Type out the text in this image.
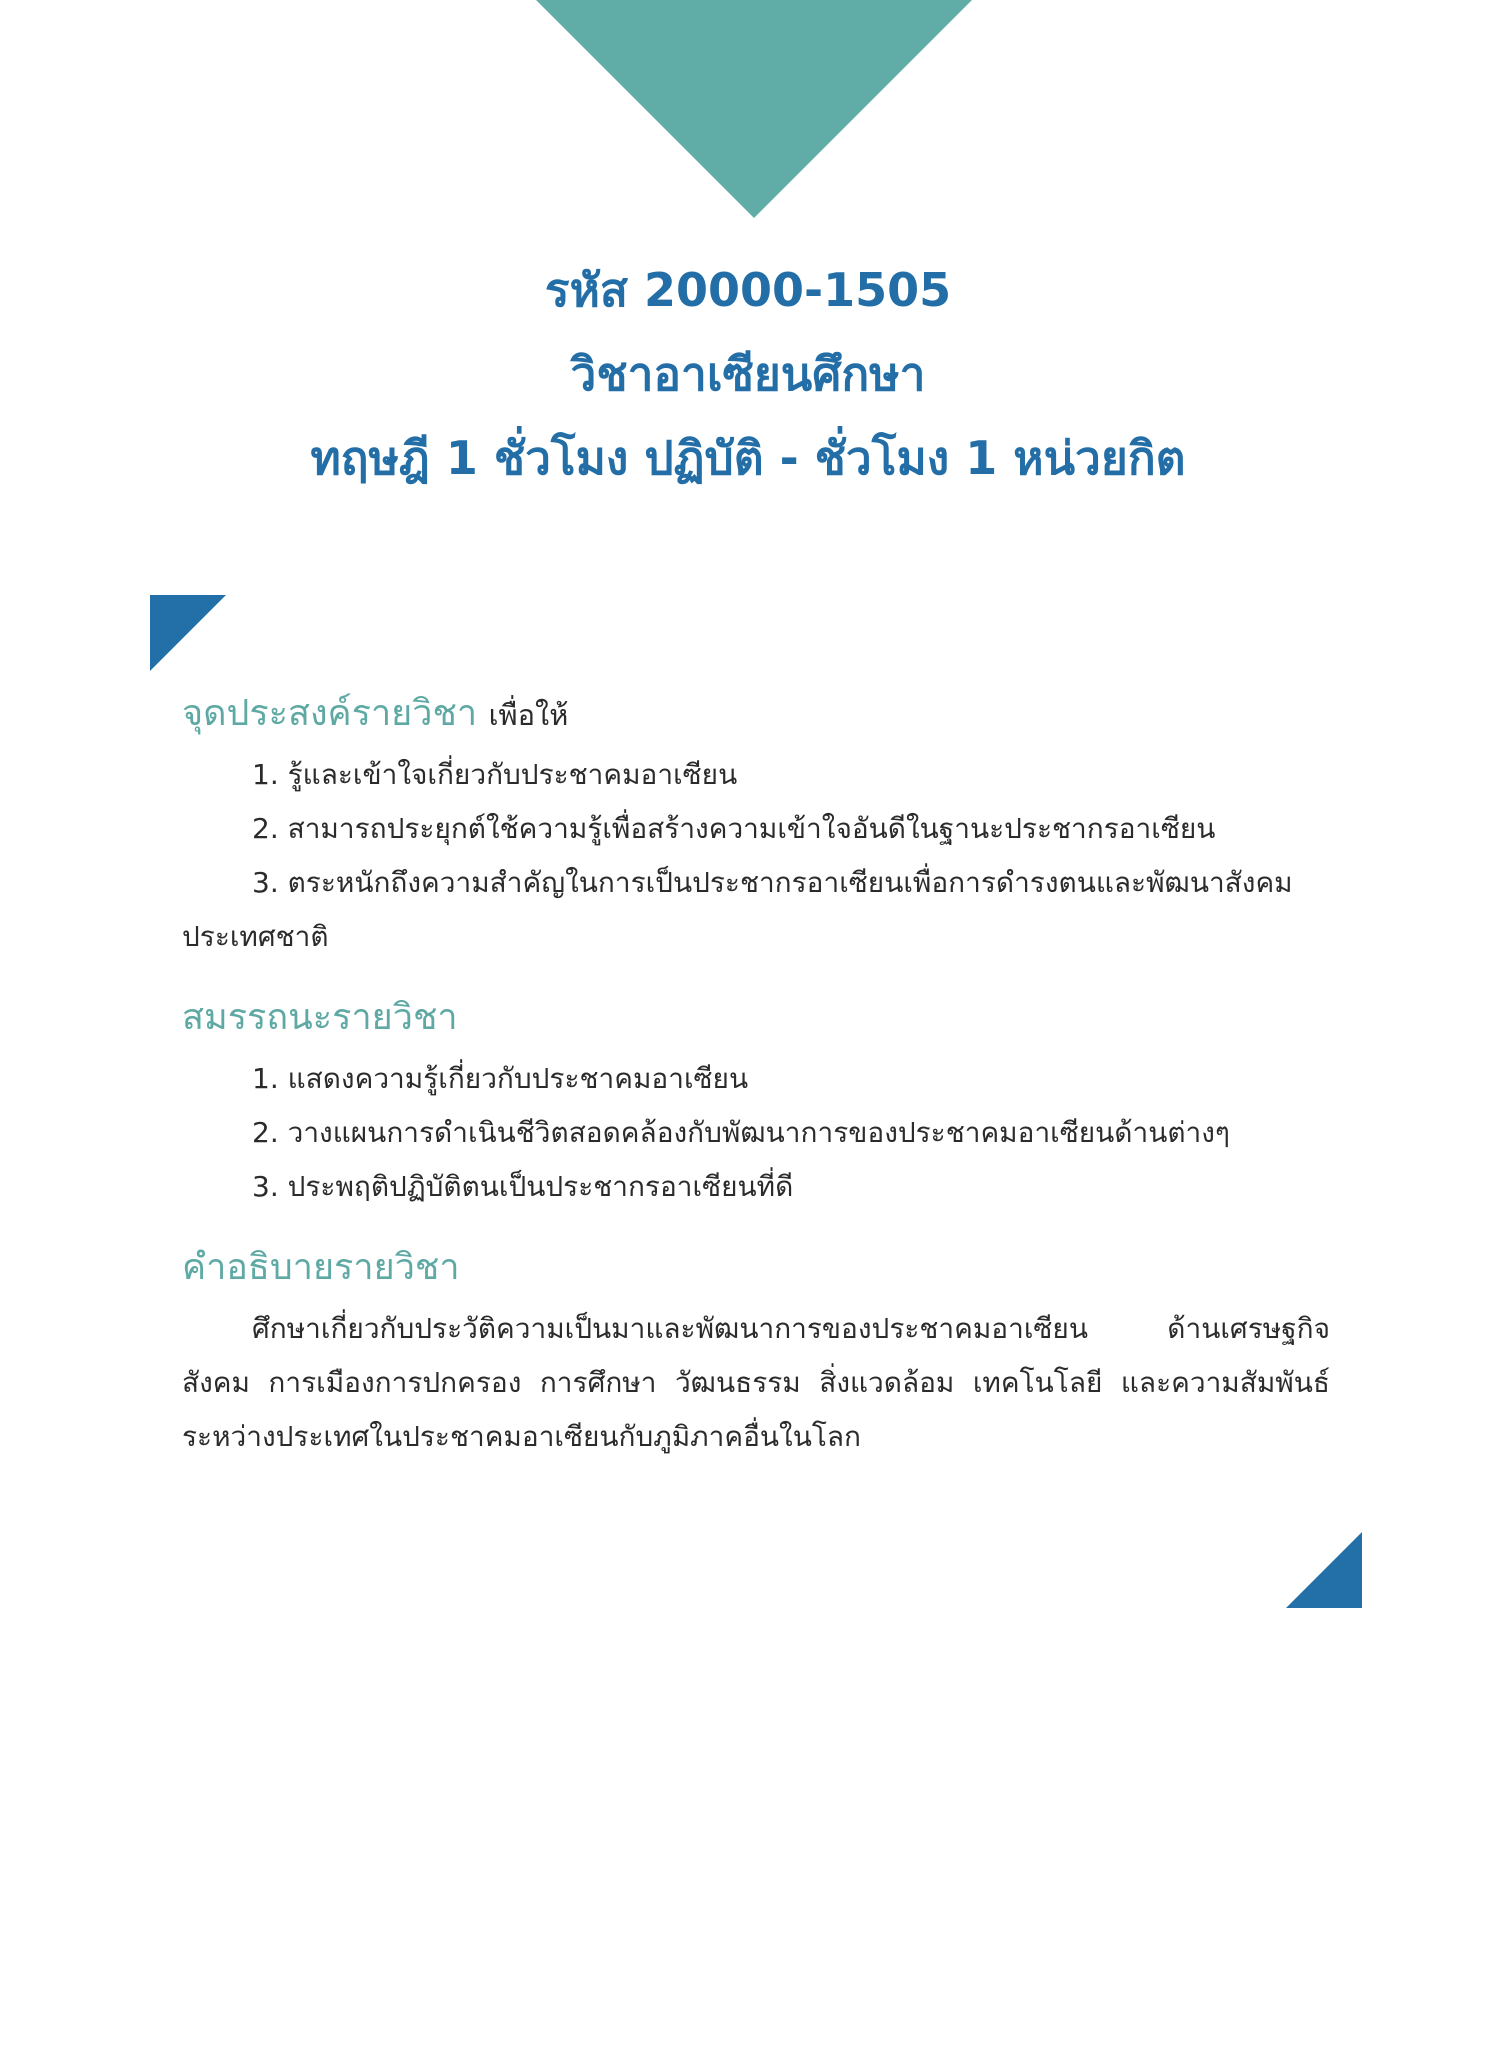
รหัส 20000-1505
วิชาอาเซียนศึกษา
ทฤษฎี 1 ชั่วโมง ปฏิบัติ - ชั่วโมง 1 หน่วยกิต
จุดประสงค์รายวิชา เพื่อให้
1. รู้และเข้าใจเกี่ยวกับประชาคมอาเซียน
2. สามารถประยุกต์ใช้ความรู้เพื่อสร้างความเข้าใจอันดีในฐานะประชากรอาเซียน
3. ตระหนักถึงความสำคัญในการเป็นประชากรอาเซียนเพื่อการดำรงตนและพัฒนาสังคมประเทศชาติ
สมรรถนะรายวิชา
1. แสดงความรู้เกี่ยวกับประชาคมอาเซียน
2. วางแผนการดำเนินชีวิตสอดคล้องกับพัฒนาการของประชาคมอาเซียนด้านต่างๆ
3. ประพฤติปฏิบัติตนเป็นประชากรอาเซียนที่ดี
คำอธิบายรายวิชา

ศึกษาเกี่ยวกับประวัติความเป็นมาและพัฒนาการของประชาคมอาเซียน ด้านเศรษฐกิจ สังคม การเมืองการปกครอง การศึกษา วัฒนธรรม สิ่งแวดล้อม เทคโนโลยี และความสัมพันธ์ระหว่างประเทศในประชาคมอาเซียนกับภูมิภาคอื่นในโลก
